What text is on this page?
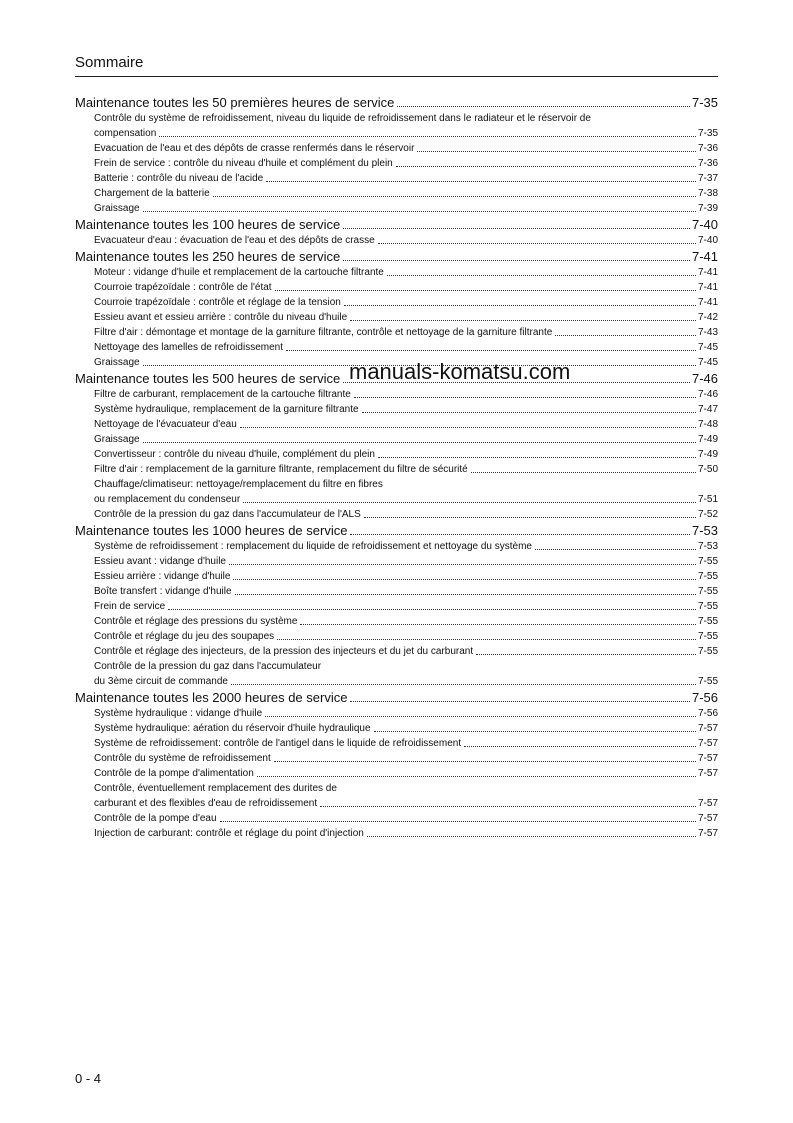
Sommaire
Maintenance toutes les 50 premières heures de service	7-35
Contrôle du système de refroidissement, niveau du liquide de refroidissement dans le radiateur et le réservoir de
compensation	7-35
Evacuation de l'eau et des dépôts de crasse renfermés dans le réservoir	7-36
Frein de service : contrôle du niveau d'huile et complément du plein	7-36
Batterie : contrôle du niveau de l'acide	7-37
Chargement de la batterie	7-38
Graissage	7-39
Maintenance toutes les 100 heures de service	7-40
Evacuateur d'eau : évacuation de l'eau et des dépôts de crasse	7-40
Maintenance toutes les 250 heures de service	7-41
Moteur : vidange d'huile et remplacement de la cartouche filtrante	7-41
Courroie trapézoïdale : contrôle de l'état	7-41
Courroie trapézoïdale : contrôle et réglage de la tension	7-41
Essieu avant et essieu arrière : contrôle du niveau d'huile	7-42
Filtre d'air : démontage et montage de la garniture filtrante, contrôle et nettoyage de la garniture filtrante	7-43
Nettoyage des lamelles de refroidissement	7-45
Graissage	7-45
Maintenance toutes les 500 heures de service	7-46
Filtre de carburant, remplacement de la cartouche filtrante	7-46
Système hydraulique, remplacement de la garniture filtrante	7-47
Nettoyage de l'évacuateur d'eau	7-48
Graissage	7-49
Convertisseur : contrôle du niveau d'huile, complément du plein	7-49
Filtre d'air : remplacement de la garniture filtrante, remplacement du filtre de sécurité	7-50
Chauffage/climatiseur: nettoyage/remplacement du filtre en fibres
ou remplacement du condenseur	7-51
Contrôle de la pression du gaz dans l'accumulateur de l'ALS	7-52
Maintenance toutes les 1000 heures de service	7-53
Système de refroidissement : remplacement du liquide de refroidissement et nettoyage du système	7-53
Essieu avant : vidange d'huile	7-55
Essieu arrière : vidange d'huile	7-55
Boîte transfert : vidange d'huile	7-55
Frein de service	7-55
Contrôle et réglage des pressions du système	7-55
Contrôle et réglage du jeu des soupapes	7-55
Contrôle et réglage des injecteurs, de la pression des injecteurs et du jet du carburant	7-55
Contrôle de la pression du gaz dans l'accumulateur
du 3ème circuit de commande	7-55
Maintenance toutes les 2000 heures de service	7-56
Système hydraulique : vidange d'huile	7-56
Système hydraulique: aération du réservoir d'huile hydraulique	7-57
Système de refroidissement: contrôle de l'antigel dans le liquide de refroidissement	7-57
Contrôle du système de refroidissement	7-57
Contrôle de la pompe d'alimentation	7-57
Contrôle, éventuellement remplacement des durites de
carburant et des flexibles d'eau de refroidissement	7-57
Contrôle de la pompe d'eau	7-57
Injection de carburant: contrôle et réglage du point d'injection	7-57
manuals-komatsu.com
0 - 4
